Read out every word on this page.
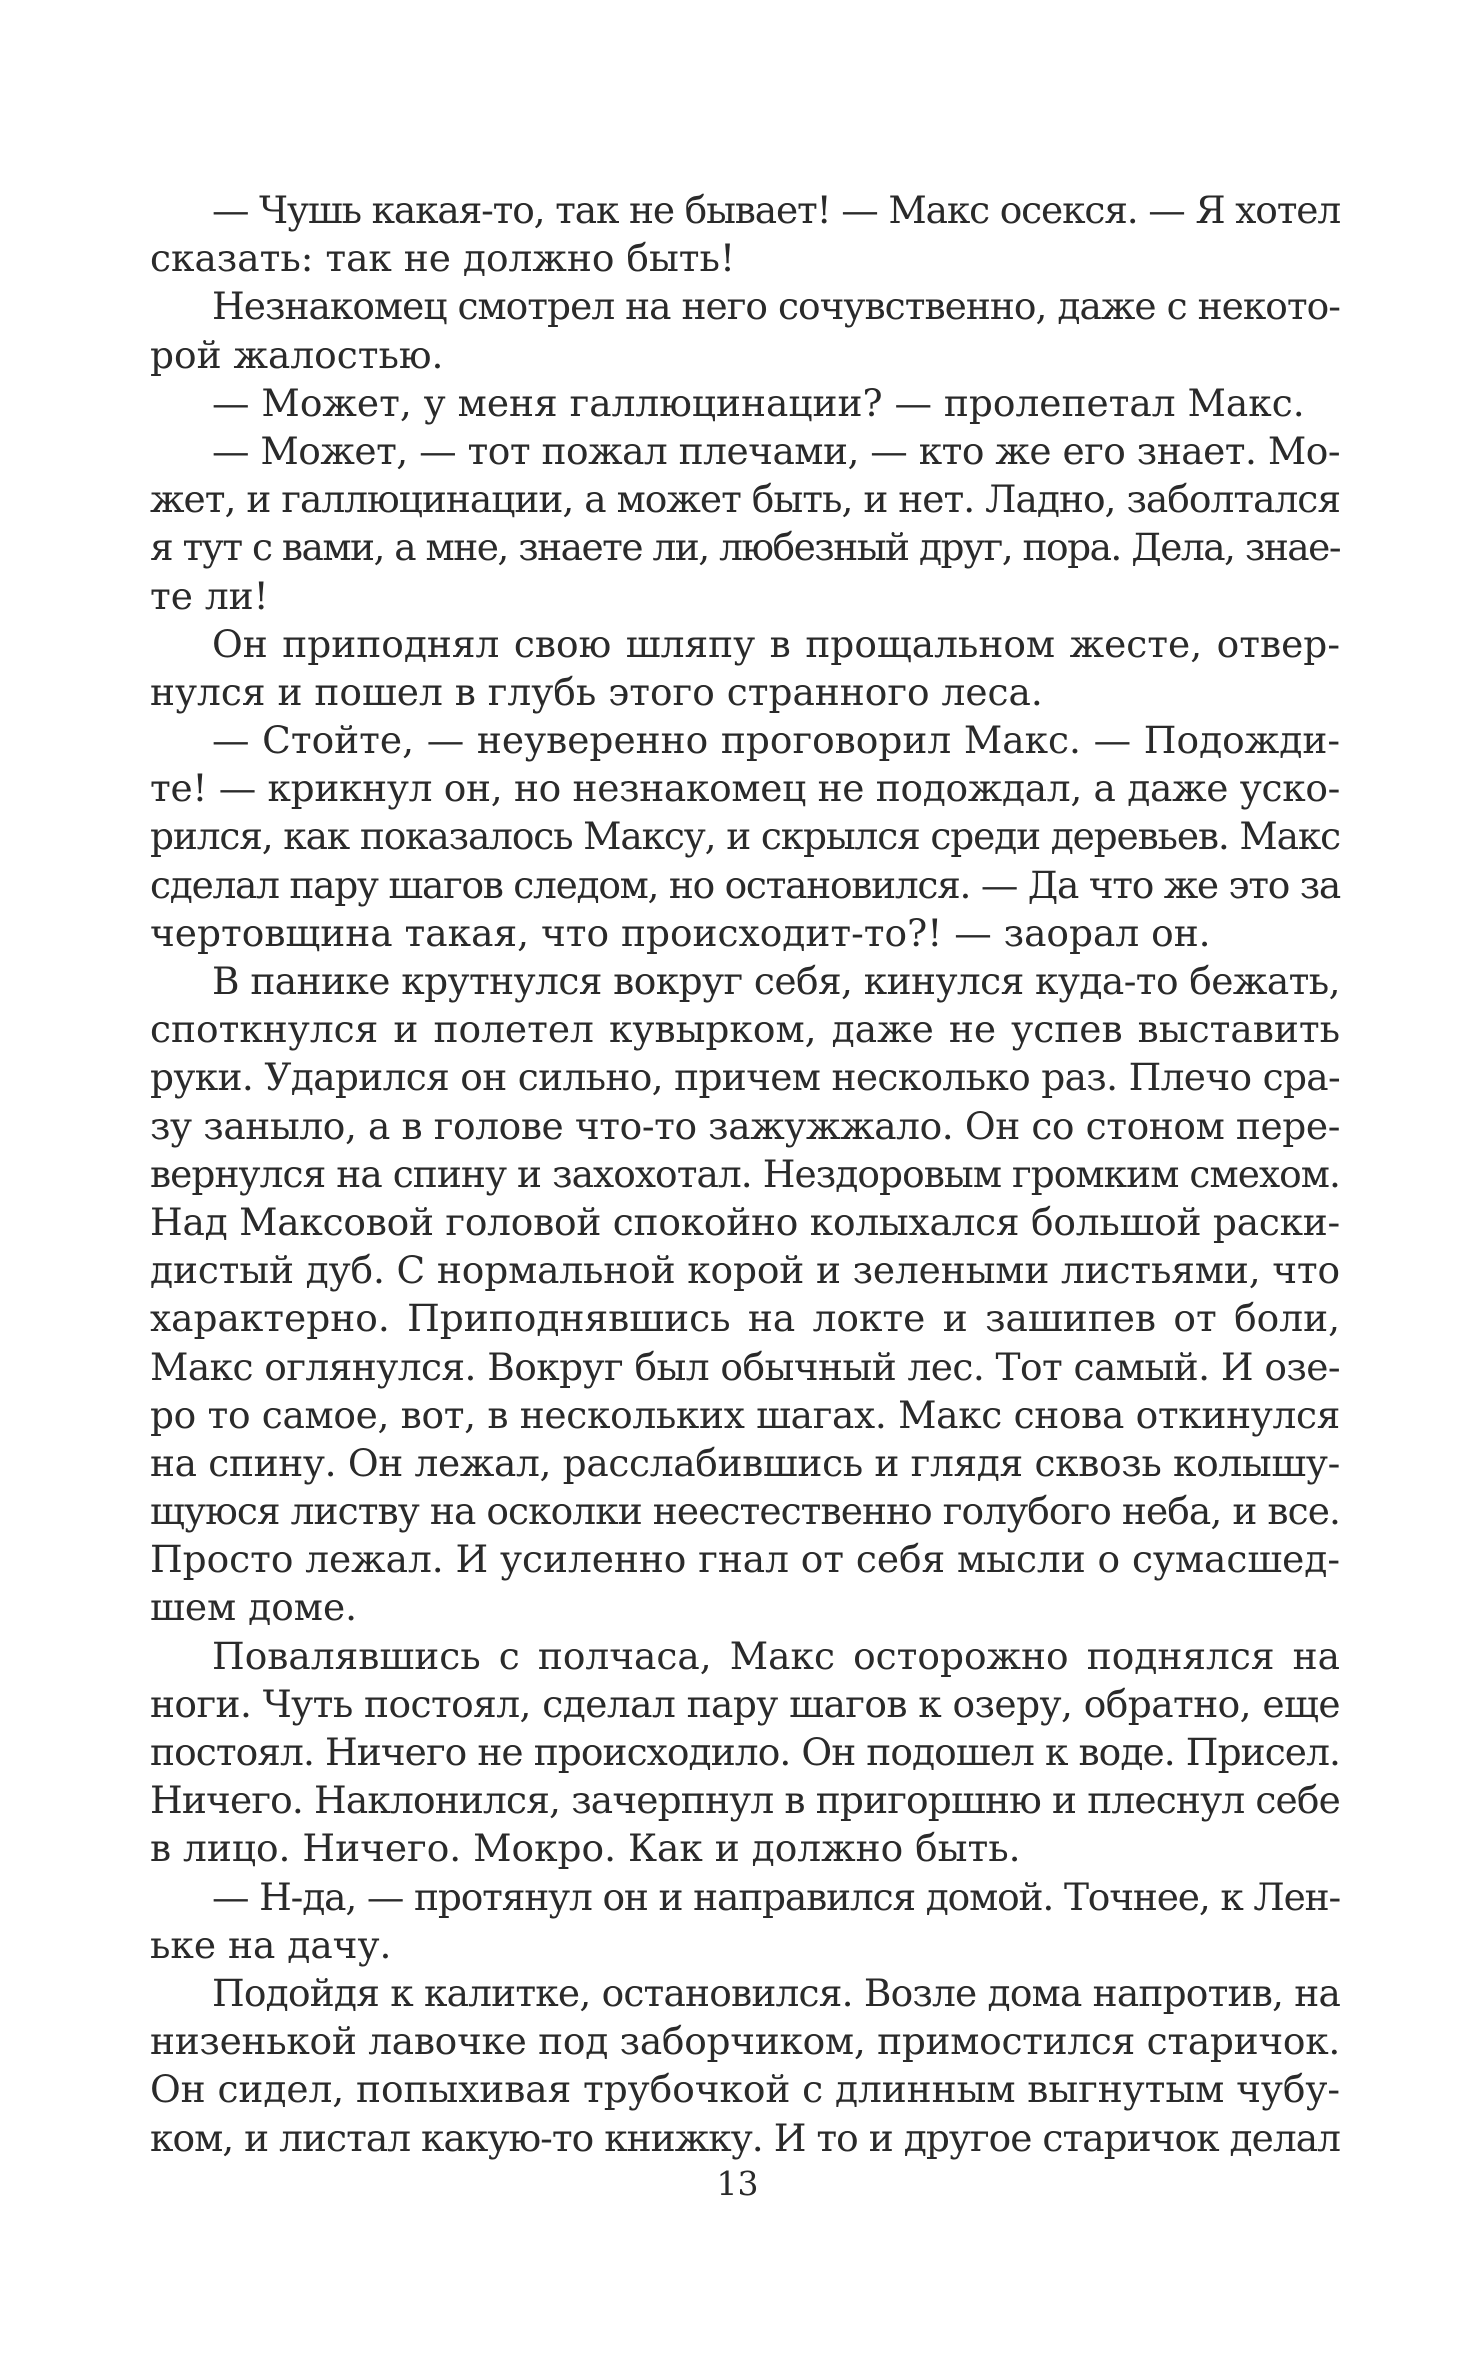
— Чушь какая-то, так не бывает! — Макс осекся. — Я хотел
сказать: так не должно быть!
Незнакомец смотрел на него сочувственно, даже с некото-
рой жалостью.
— Может, у меня галлюцинации? — пролепетал Макс.
— Может, — тот пожал плечами, — кто же его знает. Мо-
жет, и галлюцинации, а может быть, и нет. Ладно, заболтался
я тут с вами, а мне, знаете ли, любезный друг, пора. Дела, знае-
те ли!
Он приподнял свою шляпу в прощальном жесте, отвер-
нулся и пошел в глубь этого странного леса.
— Стойте, — неуверенно проговорил Макс. — Подожди-
те! — крикнул он, но незнакомец не подождал, а даже уско-
рился, как показалось Максу, и скрылся среди деревьев. Макс
сделал пару шагов следом, но остановился. — Да что же это за
чертовщина такая, что происходит-то?! — заорал он.
В панике крутнулся вокруг себя, кинулся куда-то бежать,
споткнулся и полетел кувырком, даже не успев выставить
руки. Ударился он сильно, причем несколько раз. Плечо сра-
зу заныло, а в голове что-то зажужжало. Он со стоном пере-
вернулся на спину и захохотал. Нездоровым громким смехом.
Над Максовой головой спокойно колыхался большой раски-
дистый дуб. С нормальной корой и зелеными листьями, что
характерно. Приподнявшись на локте и зашипев от боли,
Макс оглянулся. Вокруг был обычный лес. Тот самый. И озе-
ро то самое, вот, в нескольких шагах. Макс снова откинулся
на спину. Он лежал, расслабившись и глядя сквозь колышу-
щуюся листву на осколки неестественно голубого неба, и все.
Просто лежал. И усиленно гнал от себя мысли о сумасшед-
шем доме.
Повалявшись с полчаса, Макс осторожно поднялся на
ноги. Чуть постоял, сделал пару шагов к озеру, обратно, еще
постоял. Ничего не происходило. Он подошел к воде. Присел.
Ничего. Наклонился, зачерпнул в пригоршню и плеснул себе
в лицо. Ничего. Мокро. Как и должно быть.
— Н-да, — протянул он и направился домой. Точнее, к Лен-
ьке на дачу.
Подойдя к калитке, остановился. Возле дома напротив, на
низенькой лавочке под заборчиком, примостился старичок.
Он сидел, попыхивая трубочкой с длинным выгнутым чубу-
ком, и листал какую-то книжку. И то и другое старичок делал
13
